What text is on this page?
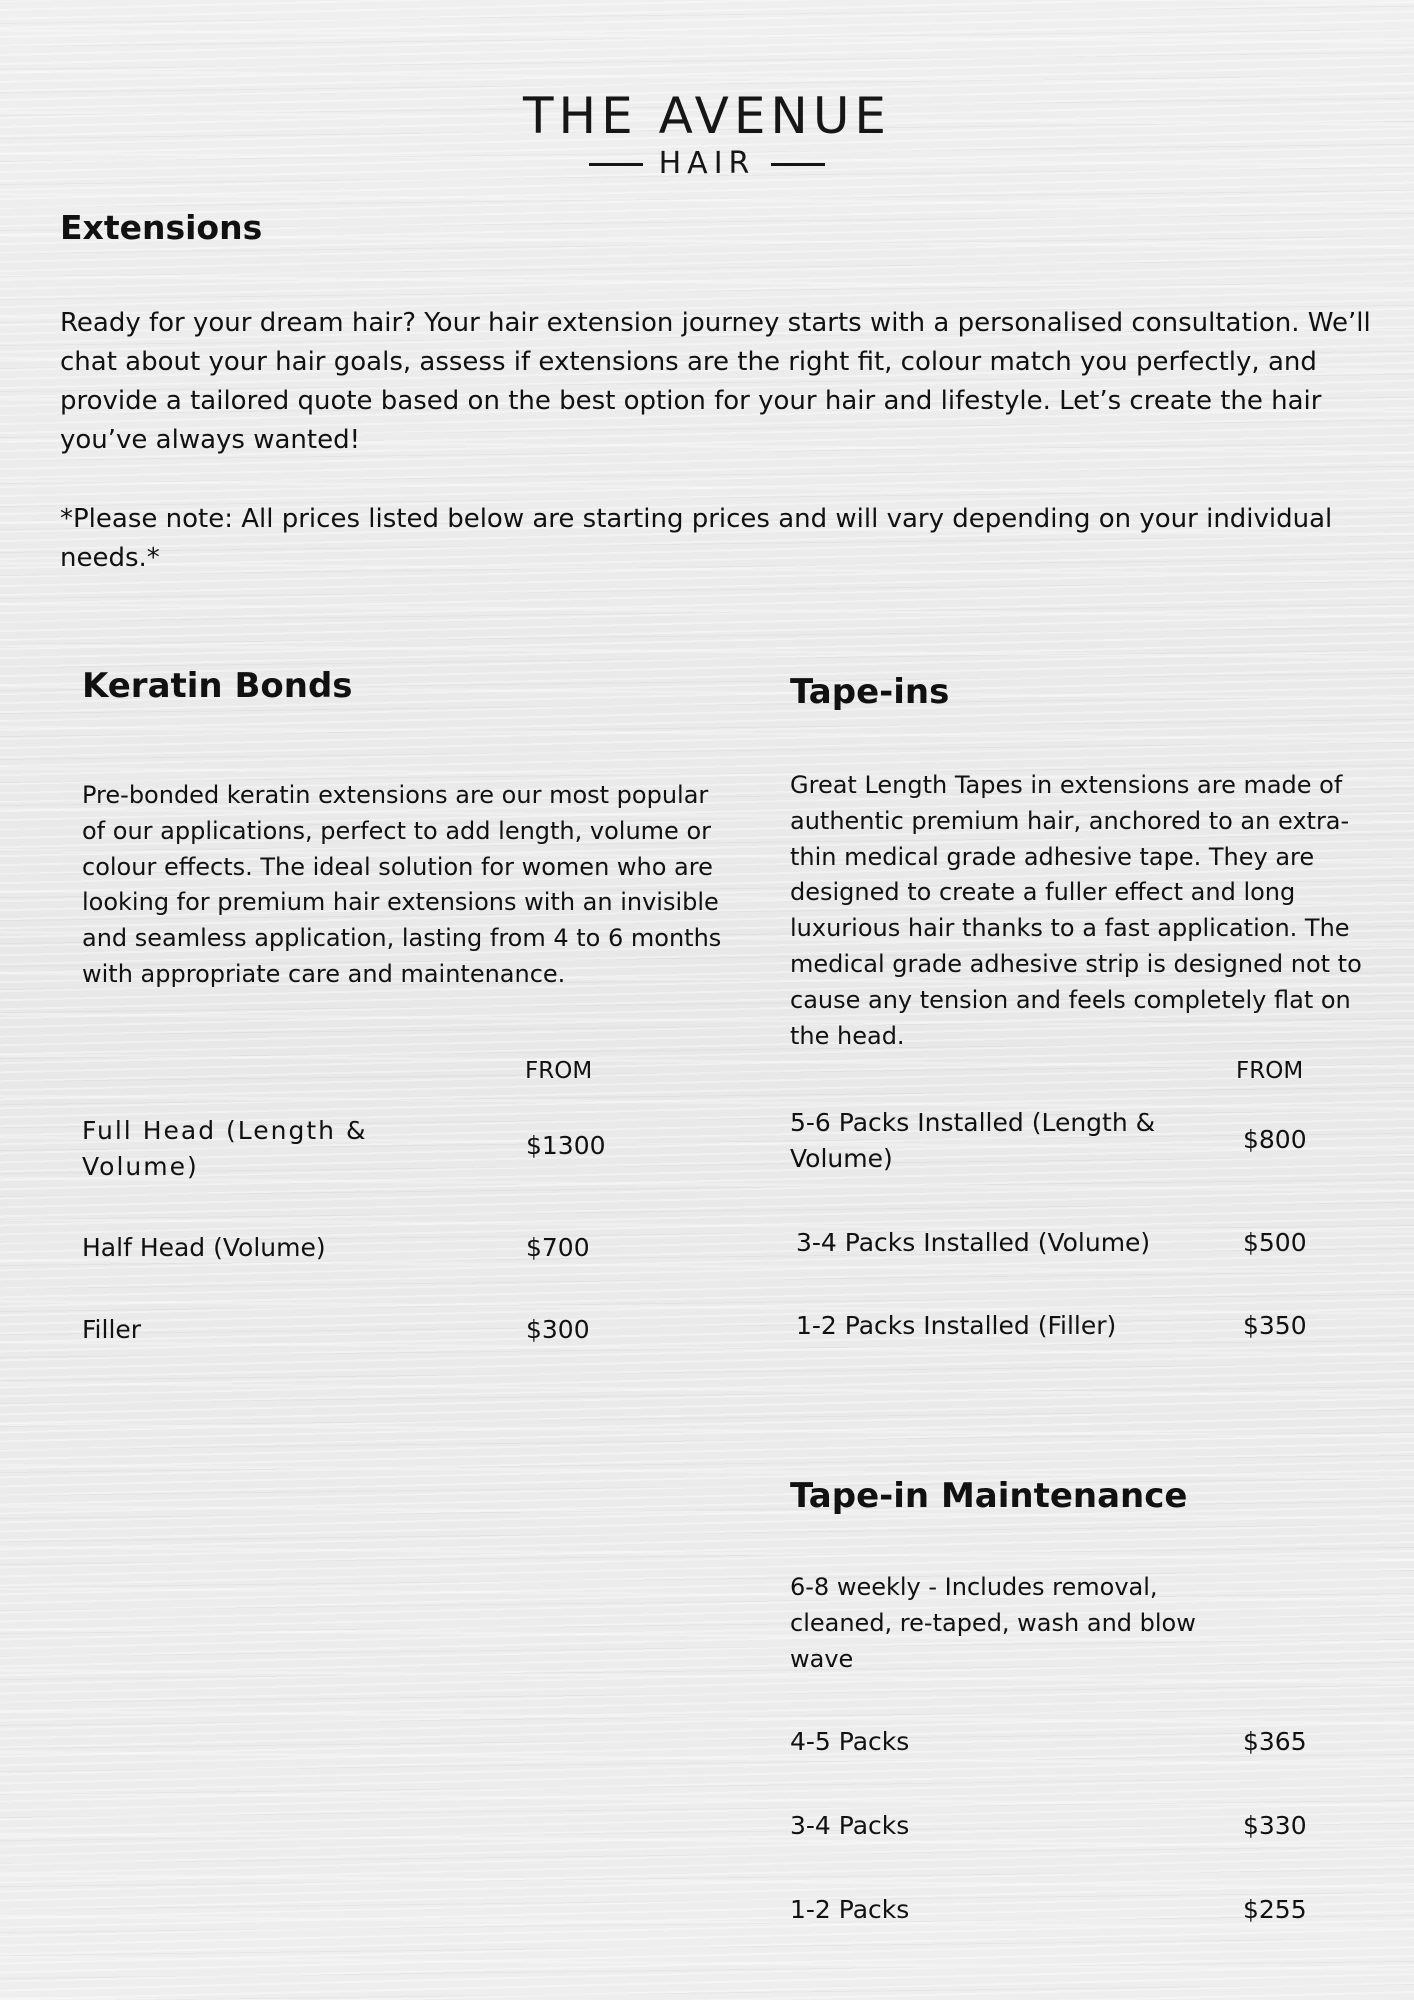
THE AVENUE
HAIR
Extensions
Ready for your dream hair? Your hair extension journey starts with a personalised consultation. We’ll chat about your hair goals, assess if extensions are the right fit, colour match you perfectly, and provide a tailored quote based on the best option for your hair and lifestyle. Let’s create the hair you’ve always wanted!
*Please note: All prices listed below are starting prices and will vary depending on your individual needs.*
Keratin Bonds
Pre-bonded keratin extensions are our most popular of our applications, perfect to add length, volume or colour effects. The ideal solution for women who are looking for premium hair extensions with an invisible and seamless application, lasting from 4 to 6 months with appropriate care and maintenance.
FROM
Full Head (Length & Volume)
$1300
Half Head (Volume)	$700
Filler	$300
Tape-ins
Great Length Tapes in extensions are made of authentic premium hair, anchored to an extra-thin medical grade adhesive tape. They are designed to create a fuller effect and long luxurious hair thanks to a fast application. The medical grade adhesive strip is designed not to cause any tension and feels completely flat on the head.
FROM
5-6 Packs Installed (Length & Volume)
$800
3-4 Packs Installed (Volume)	$500
1-2 Packs Installed (Filler)	$350
Tape-in Maintenance
6-8 weekly - Includes removal, cleaned, re-taped, wash and blow wave
4-5 Packs	$365
3-4 Packs	$330
1-2 Packs	$255
